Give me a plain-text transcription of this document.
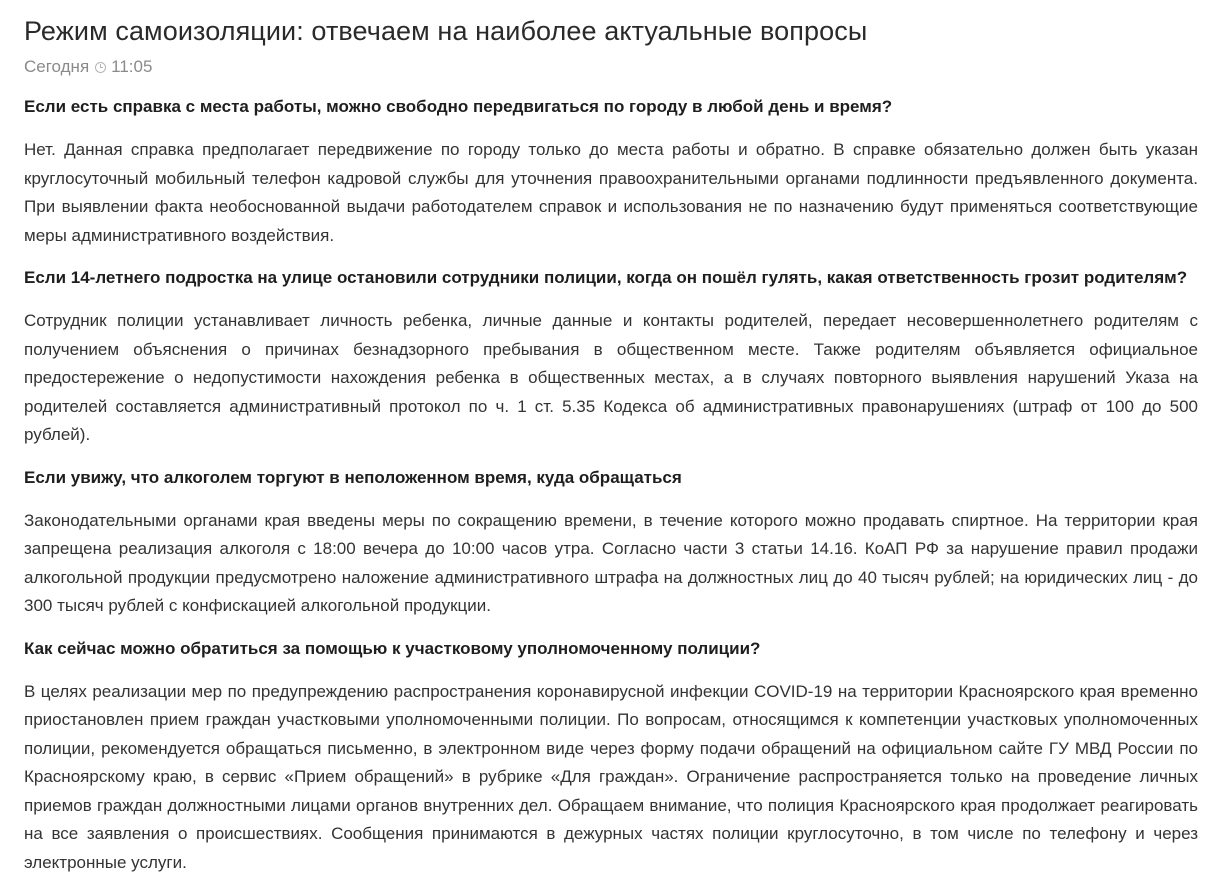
Режим самоизоляции: отвечаем на наиболее актуальные вопросы
Сегодня 11:05

Если есть справка с места работы, можно свободно передвигаться по городу в любой день и время?

Нет. Данная справка предполагает передвижение по городу только до места работы и обратно. В справке обязательно должен быть указан круглосуточный мобильный телефон кадровой службы для уточнения правоохранительными органами подлинности предъявленного документа. При выявлении факта необоснованной выдачи работодателем справок и использования не по назначению будут применяться соответствующие меры административного воздействия.

Если 14-летнего подростка на улице остановили сотрудники полиции, когда он пошёл гулять, какая ответственность грозит родителям?

Сотрудник полиции устанавливает личность ребенка, личные данные и контакты родителей, передает несовершеннолетнего родителям с получением объяснения о причинах безнадзорного пребывания в общественном месте. Также родителям объявляется официальное предостережение о недопустимости нахождения ребенка в общественных местах, а в случаях повторного выявления нарушений Указа на родителей составляется административный протокол по ч. 1 ст. 5.35 Кодекса об административных правонарушениях (штраф от 100 до 500 рублей).

Если увижу, что алкоголем торгуют в неположенном время, куда обращаться

Законодательными органами края введены меры по сокращению времени, в течение которого можно продавать спиртное. На территории края запрещена реализация алкоголя с 18:00 вечера до 10:00 часов утра. Согласно части 3 статьи 14.16. КоАП РФ за нарушение правил продажи алкогольной продукции предусмотрено наложение административного штрафа на должностных лиц до 40 тысяч рублей; на юридических лиц - до 300 тысяч рублей с конфискацией алкогольной продукции.

Как сейчас можно обратиться за помощью к участковому уполномоченному полиции?

В целях реализации мер по предупреждению распространения коронавирусной инфекции COVID-19 на территории Красноярского края временно приостановлен прием граждан участковыми уполномоченными полиции. По вопросам, относящимся к компетенции участковых уполномоченных полиции, рекомендуется обращаться письменно, в электронном виде через форму подачи обращений на официальном сайте ГУ МВД России по Красноярскому краю, в сервис «Прием обращений» в рубрике «Для граждан». Ограничение распространяется только на проведение личных приемов граждан должностными лицами органов внутренних дел. Обращаем внимание, что полиция Красноярского края продолжает реагировать на все заявления о происшествиях. Сообщения принимаются в дежурных частях полиции круглосуточно, в том числе по телефону и через электронные услуги.
